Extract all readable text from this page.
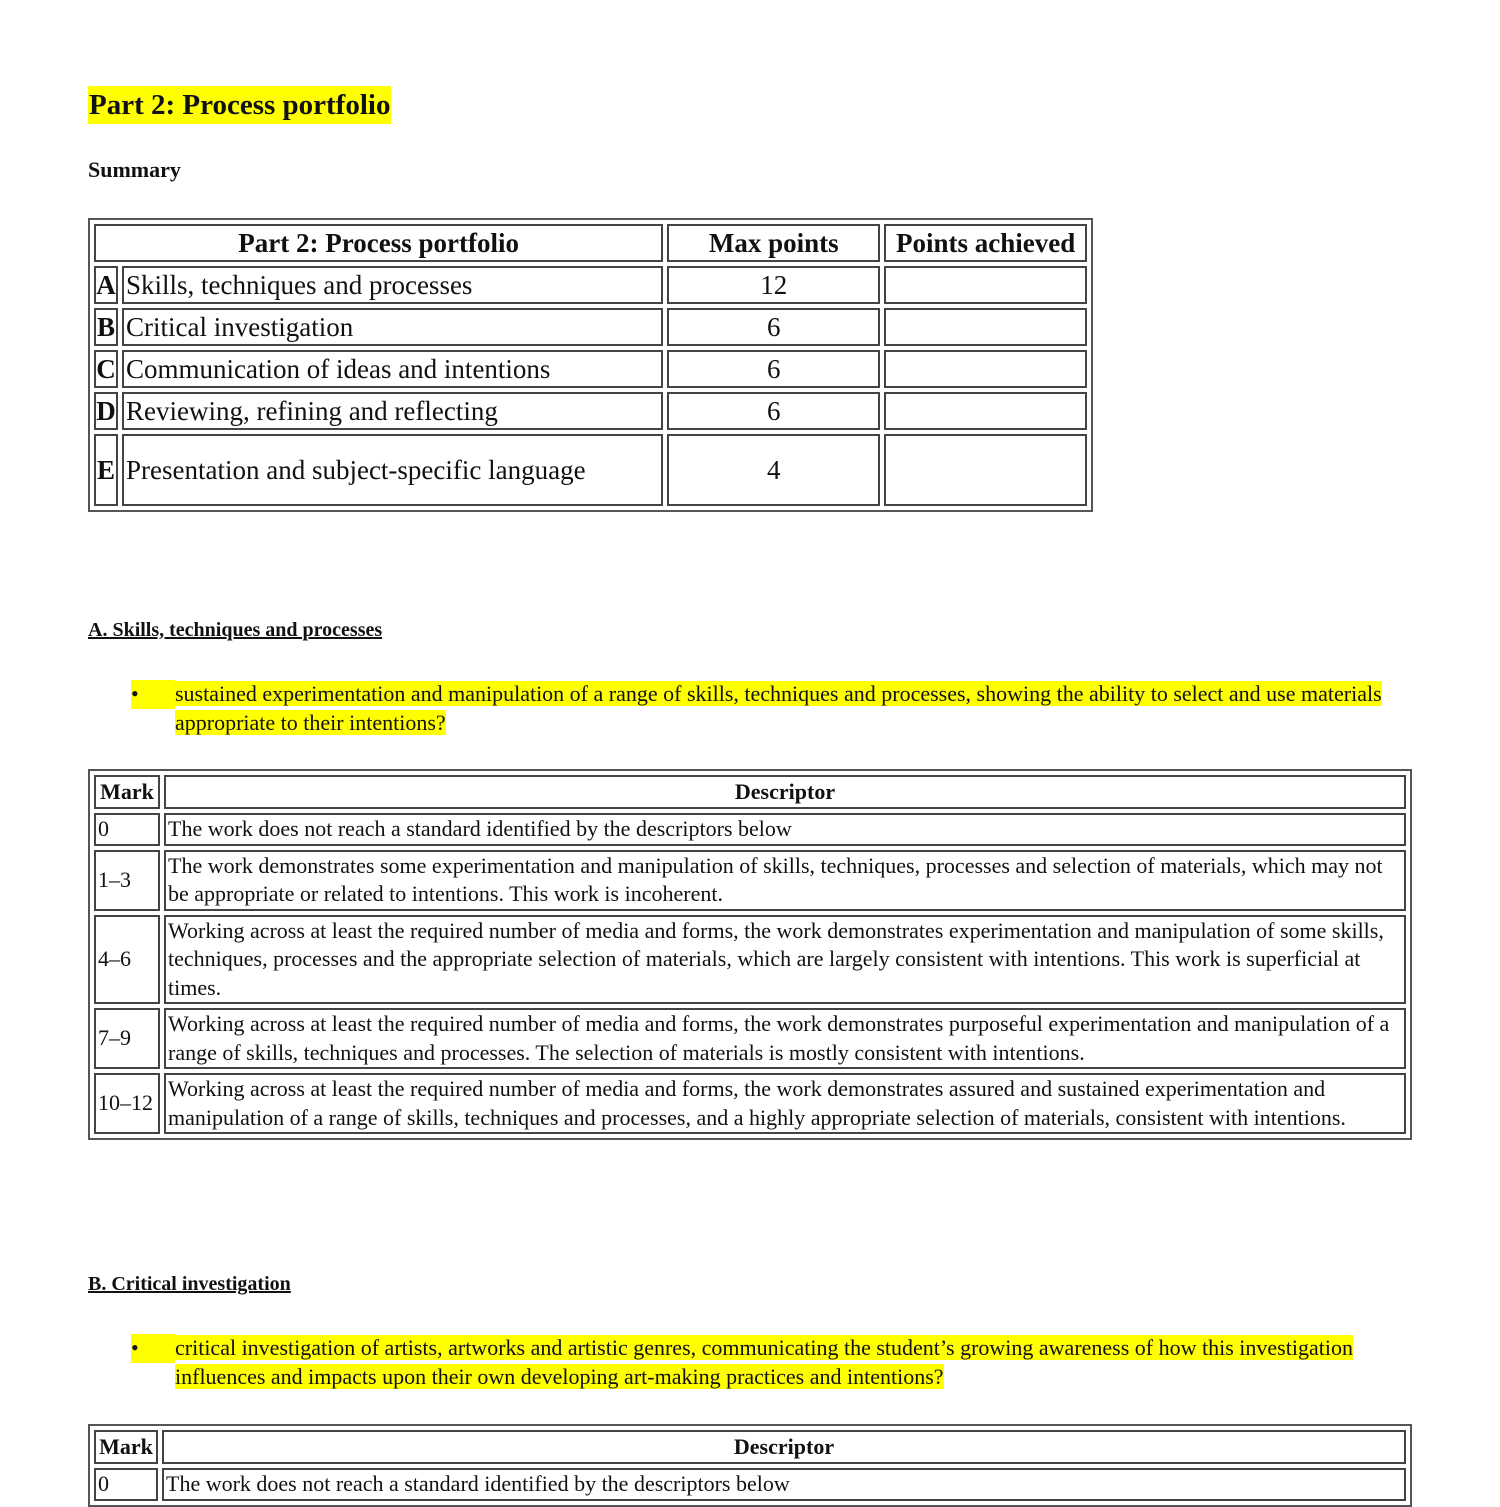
Part 2: Process portfolio
Summary
Part 2: Process portfolio		Max points	Points achieved
A	Skills, techniques and processes	12	
B	Critical investigation	6	
C	Communication of ideas and intentions	6	
D	Reviewing, refining and reflecting	6	
E	Presentation and subject-specific language	4	
A. Skills, techniques and processes
•	sustained experimentation and manipulation of a range of skills, techniques and processes, showing the ability to select and use materials appropriate to their intentions?
Mark	Descriptor
0	The work does not reach a standard identified by the descriptors below
1–3	The work demonstrates some experimentation and manipulation of skills, techniques, processes and selection of materials, which may not be appropriate or related to intentions. This work is incoherent.
4–6	Working across at least the required number of media and forms, the work demonstrates experimentation and manipulation of some skills, techniques, processes and the appropriate selection of materials, which are largely consistent with intentions. This work is superficial at times.
7–9	Working across at least the required number of media and forms, the work demonstrates purposeful experimentation and manipulation of a range of skills, techniques and processes. The selection of materials is mostly consistent with intentions.
10–12	Working across at least the required number of media and forms, the work demonstrates assured and sustained experimentation and manipulation of a range of skills, techniques and processes, and a highly appropriate selection of materials, consistent with intentions.
B. Critical investigation
•	critical investigation of artists, artworks and artistic genres, communicating the student’s growing awareness of how this investigation influences and impacts upon their own developing art-making practices and intentions?
Mark	Descriptor
0	The work does not reach a standard identified by the descriptors below
